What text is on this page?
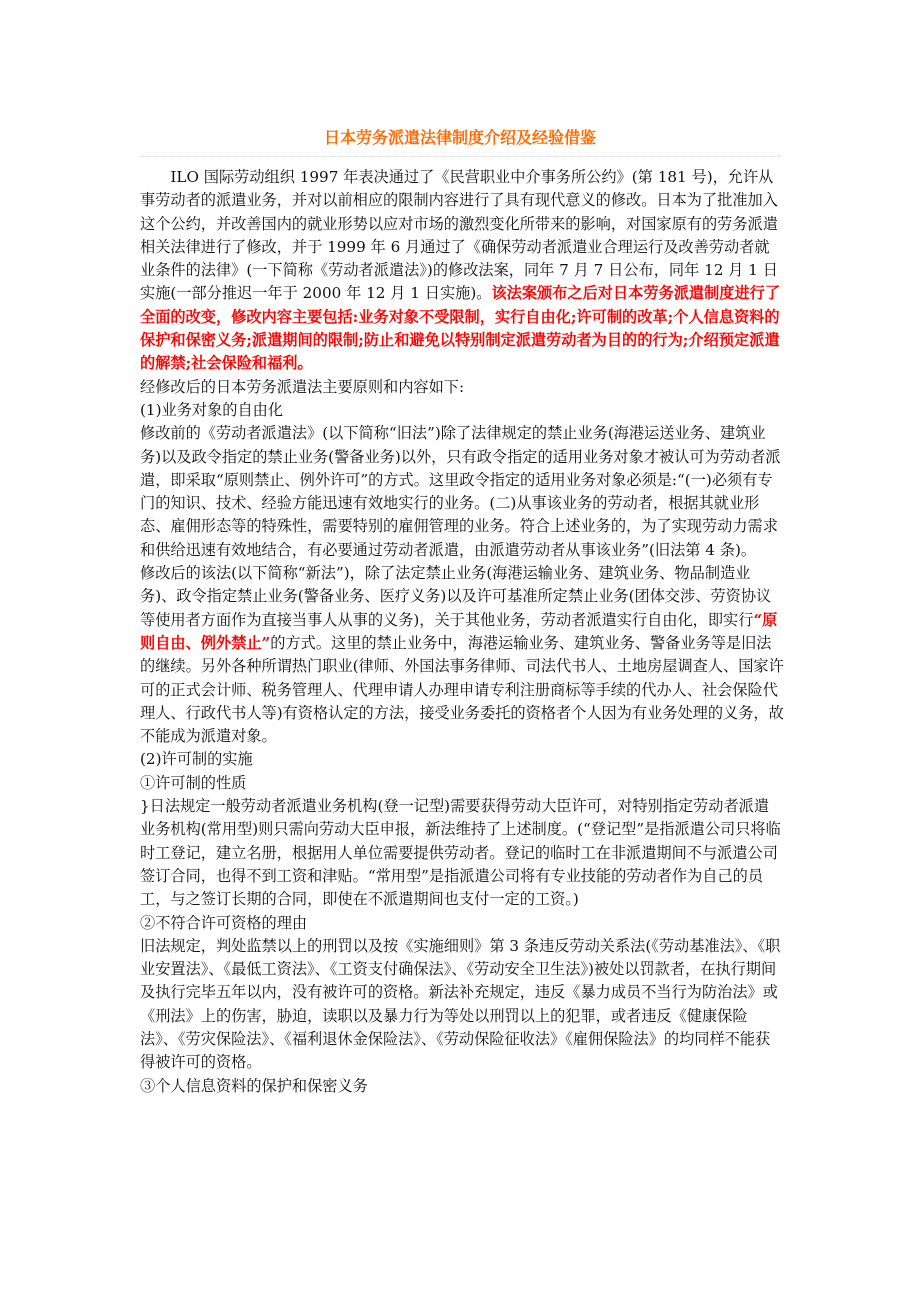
日本劳务派遣法律制度介绍及经验借鉴

ILO 国际劳动组织 1997 年表决通过了《民营职业中介事务所公约》(第 181 号)，允许从事劳动者的派遣业务，并对以前相应的限制内容进行了具有现代意义的修改。日本为了批准加入这个公约，并改善国内的就业形势以应对市场的激烈变化所带来的影响，对国家原有的劳务派遣相关法律进行了修改，并于 1999 年 6 月通过了《确保劳动者派遣业合理运行及改善劳动者就业条件的法律》(一下简称《劳动者派遣法》)的修改法案，同年 7 月 7 日公布，同年 12 月 1 日实施(一部分推迟一年于 2000 年 12 月 1 日实施)。该法案颁布之后对日本劳务派遣制度进行了全面的改变，修改内容主要包括:业务对象不受限制，实行自由化;许可制的改革;个人信息资料的保护和保密义务;派遣期间的限制;防止和避免以特别制定派遣劳动者为目的的行为;介绍预定派遣的解禁;社会保险和福利。

经修改后的日本劳务派遣法主要原则和内容如下:

(1)业务对象的自由化

修改前的《劳动者派遣法》(以下简称“旧法”)除了法律规定的禁止业务(海港运送业务、建筑业务)以及政令指定的禁止业务(警备业务)以外，只有政令指定的适用业务对象才被认可为劳动者派遣，即采取“原则禁止、例外许可”的方式。这里政令指定的适用业务对象必须是:“(一)必须有专门的知识、技术、经验方能迅速有效地实行的业务。(二)从事该业务的劳动者，根据其就业形态、雇佣形态等的特殊性，需要特别的雇佣管理的业务。符合上述业务的，为了实现劳动力需求和供给迅速有效地结合，有必要通过劳动者派遣，由派遣劳动者从事该业务”(旧法第 4 条)。

修改后的该法(以下简称“新法”)，除了法定禁止业务(海港运输业务、建筑业务、物品制造业务)、政令指定禁止业务(警备业务、医疗义务)以及许可基准所定禁止业务(团体交涉、劳资协议等使用者方面作为直接当事人从事的义务)，关于其他业务，劳动者派遣实行自由化，即实行“原则自由、例外禁止”的方式。这里的禁止业务中，海港运输业务、建筑业务、警备业务等是旧法的继续。另外各种所谓热门职业(律师、外国法事务律师、司法代书人、土地房屋调查人、国家许可的正式会计师、税务管理人、代理申请人办理申请专利注册商标等手续的代办人、社会保险代理人、行政代书人等)有资格认定的方法，接受业务委托的资格者个人因为有业务处理的义务，故不能成为派遣对象。

(2)许可制的实施

①许可制的性质

}日法规定一般劳动者派遣业务机构(登一记型)需要获得劳动大臣许可，对特别指定劳动者派遣业务机构(常用型)则只需向劳动大臣申报，新法维持了上述制度。(“登记型”是指派遣公司只将临时工登记，建立名册，根据用人单位需要提供劳动者。登记的临时工在非派遣期间不与派遣公司签订合同，也得不到工资和津贴。“常用型”是指派遣公司将有专业技能的劳动者作为自己的员工，与之签订长期的合同，即使在不派遣期间也支付一定的工资。)

②不符合许可资格的理由

旧法规定，判处监禁以上的刑罚以及按《实施细则》第 3 条违反劳动关系法(《劳动基准法》、《职业安置法》、《最低工资法》、《工资支付确保法》、《劳动安全卫生法》)被处以罚款者，在执行期间及执行完毕五年以内，没有被许可的资格。新法补充规定，违反《暴力成员不当行为防治法》或《刑法》上的伤害，胁迫，读职以及暴力行为等处以刑罚以上的犯罪，或者违反《健康保险法》、《劳灾保险法》、《福利退休金保险法》、《劳动保险征收法》《雇佣保险法》的均同样不能获得被许可的资格。

③个人信息资料的保护和保密义务
